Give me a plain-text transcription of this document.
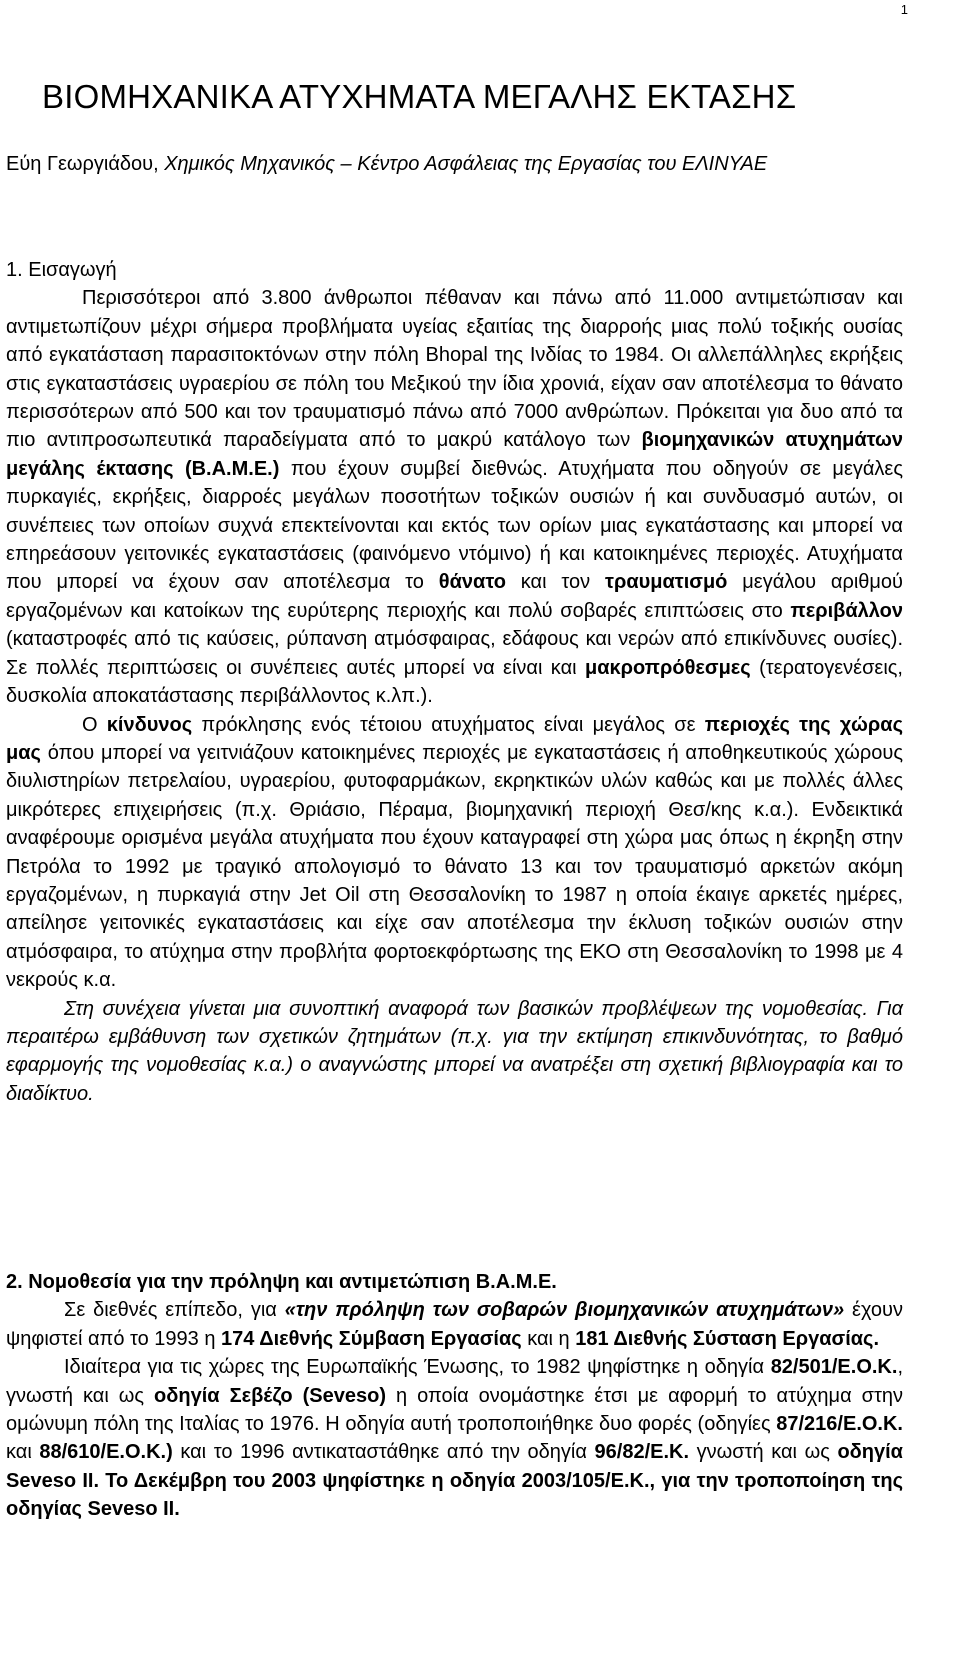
1
ΒΙΟΜΗΧΑΝΙΚΑ ΑΤΥΧΗΜΑΤΑ ΜΕΓΑΛΗΣ ΕΚΤΑΣΗΣ

Εύη Γεωργιάδου, Χημικός Μηχανικός – Κέντρο Ασφάλειας της Εργασίας του ΕΛΙΝΥΑΕ

1. Εισαγωγή

Περισσότεροι από 3.800 άνθρωποι πέθαναν και πάνω από 11.000 αντιμετώπισαν και αντιμετωπίζουν μέχρι σήμερα προβλήματα υγείας εξαιτίας της διαρροής μιας πολύ τοξικής ουσίας από εγκατάσταση παρασιτοκτόνων στην πόλη Bhopal της Ινδίας το 1984. Οι αλλεπάλληλες εκρήξεις στις εγκαταστάσεις υγραερίου σε πόλη του Μεξικού την ίδια χρονιά, είχαν σαν αποτέλεσμα το θάνατο περισσότερων από 500 και τον τραυματισμό πάνω από 7000 ανθρώπων. Πρόκειται για δυο από τα πιο αντιπροσωπευτικά παραδείγματα από το μακρύ κατάλογο των βιομηχανικών ατυχημάτων μεγάλης έκτασης (Β.Α.Μ.Ε.) που έχουν συμβεί διεθνώς. Ατυχήματα που οδηγούν σε μεγάλες πυρκαγιές, εκρήξεις, διαρροές μεγάλων ποσοτήτων τοξικών ουσιών ή και συνδυασμό αυτών, οι συνέπειες των οποίων συχνά επεκτείνονται και εκτός των ορίων μιας εγκατάστασης και μπορεί να επηρεάσουν γειτονικές εγκαταστάσεις (φαινόμενο ντόμινο) ή και κατοικημένες περιοχές. Ατυχήματα που μπορεί να έχουν σαν αποτέλεσμα το θάνατο και τον τραυματισμό μεγάλου αριθμού εργαζομένων και κατοίκων της ευρύτερης περιοχής και πολύ σοβαρές επιπτώσεις στο περιβάλλον (καταστροφές από τις καύσεις, ρύπανση ατμόσφαιρας, εδάφους και νερών από επικίνδυνες ουσίες). Σε πολλές περιπτώσεις οι συνέπειες αυτές μπορεί να είναι και μακροπρόθεσμες (τερατογενέσεις, δυσκολία αποκατάστασης περιβάλλοντος κ.λπ.).

Ο κίνδυνος πρόκλησης ενός τέτοιου ατυχήματος είναι μεγάλος σε περιοχές της χώρας μας όπου μπορεί να γειτνιάζουν κατοικημένες περιοχές με εγκαταστάσεις ή αποθηκευτικούς χώρους διυλιστηρίων πετρελαίου, υγραερίου, φυτοφαρμάκων, εκρηκτικών υλών καθώς και με πολλές άλλες μικρότερες επιχειρήσεις (π.χ. Θριάσιο, Πέραμα, βιομηχανική περιοχή Θεσ/κης κ.α.). Ενδεικτικά αναφέρουμε ορισμένα μεγάλα ατυχήματα που έχουν καταγραφεί στη χώρα μας όπως η έκρηξη στην Πετρόλα το 1992 με τραγικό απολογισμό το θάνατο 13 και τον τραυματισμό αρκετών ακόμη εργαζομένων, η πυρκαγιά στην Jet Oil στη Θεσσαλονίκη το 1987 η οποία έκαιγε αρκετές ημέρες, απείλησε γειτονικές εγκαταστάσεις και είχε σαν αποτέλεσμα την έκλυση τοξικών ουσιών στην ατμόσφαιρα, το ατύχημα στην προβλήτα φορτοεκφόρτωσης της ΕΚΟ στη Θεσσαλονίκη το 1998 με 4 νεκρούς κ.α.

Στη συνέχεια γίνεται μια συνοπτική αναφορά των βασικών προβλέψεων της νομοθεσίας. Για περαιτέρω εμβάθυνση των σχετικών ζητημάτων (π.χ. για την εκτίμηση επικινδυνότητας, το βαθμό εφαρμογής της νομοθεσίας κ.α.) ο αναγνώστης μπορεί να ανατρέξει στη σχετική βιβλιογραφία και το διαδίκτυο.

2. Νομοθεσία για την πρόληψη και αντιμετώπιση Β.Α.Μ.Ε.

Σε διεθνές επίπεδο, για «την πρόληψη των σοβαρών βιομηχανικών ατυχημάτων» έχουν ψηφιστεί από το 1993 η 174 Διεθνής Σύμβαση Εργασίας και η 181 Διεθνής Σύσταση Εργασίας.

Ιδιαίτερα για τις χώρες της Ευρωπαϊκής Ένωσης, το 1982 ψηφίστηκε η οδηγία 82/501/Ε.Ο.Κ., γνωστή και ως οδηγία Σεβέζο (Seveso) η οποία ονομάστηκε έτσι με αφορμή το ατύχημα στην ομώνυμη πόλη της Ιταλίας το 1976. Η οδηγία αυτή τροποποιήθηκε δυο φορές (οδηγίες 87/216/Ε.Ο.Κ. και 88/610/Ε.Ο.Κ.) και το 1996 αντικαταστάθηκε από την οδηγία 96/82/Ε.Κ. γνωστή και ως οδηγία Seveso II. Το Δεκέμβρη του 2003 ψηφίστηκε η οδηγία 2003/105/Ε.Κ., για την τροποποίηση της οδηγίας Seveso II.
